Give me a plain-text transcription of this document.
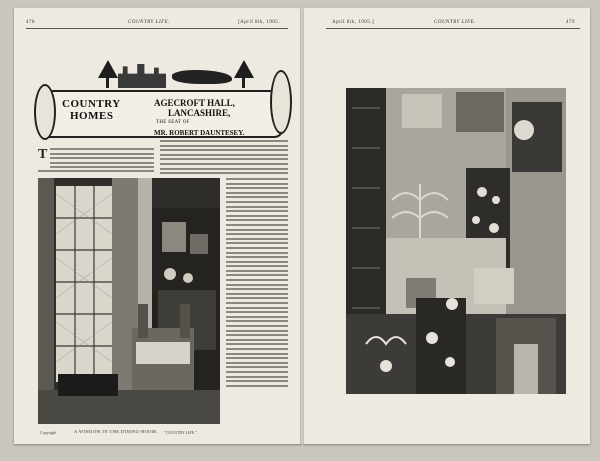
478	COUNTRY LIFE.	[April 8th, 1905.
COUNTRY
HOMES
AGECROFT HALL,
LANCASHIRE,
THE SEAT OF
MR. ROBERT DAUNTESEY.
T
Copyright	A WINDOW IN THE DINING-ROOM. "COUNTRY LIFE."
April 8th, 1905.]	COUNTRY LIFE.	479
